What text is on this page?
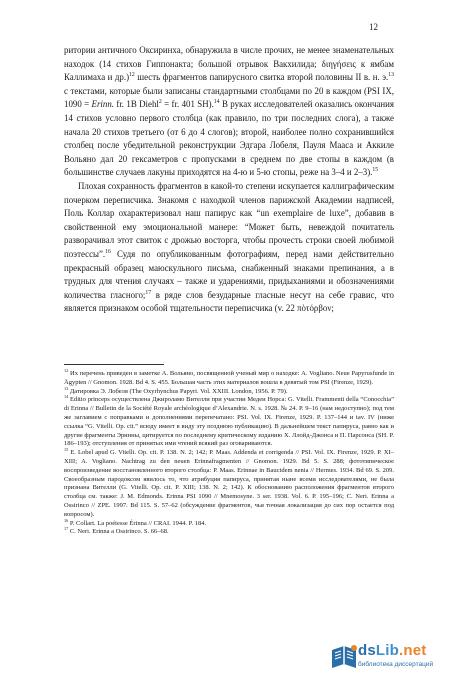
12

ритории античного Оксиринха, обнаружила в числе прочих, не менее знаменательных находок (14 стихов Гиппонакта; большой отрывок Вакхилида; διηγήσεις к ямбам Каллимаха и др.)$^{12}$ шесть фрагментов папирусного свитка второй половины II в. н. э.$^{13}$ с текстами, которые были записаны стандартными столбцами по 20 в каждом (PSI IX, 1090 = Erinn. fr. 1B Diehl$^2$ = fr. 401 SH).$^{14}$ В руках исследователей оказались окончания 14 стихов условно первого столбца (как правило, по три последних слога), а также начала 20 стихов третьего (от 6 до 4 слогов); второй, наиболее полно сохранившийся столбец после убедительной реконструкции Эдгара Лобеля, Пауля Мааса и Аккиле Вольяно дал 20 гексаметров с пропусками в среднем по две стопы в каждом (в большинстве случаев лакуны приходятся на 4-ю и 5-ю стопы, реже на 3–4 и 2–3).$^{15}$

Плохая сохранность фрагментов в какой-то степени искупается каллиграфическим почерком переписчика. Знакомя с находкой членов парижской Академии надписей, Поль Коллар охарактеризовал наш папирус как “un exemplaire de luxe”, добавив в свойственной ему эмоциональной манере: “Может быть, невеждой почитатель разворачивал этот свиток с дрожью восторга, чтобы прочесть строки своей любимой поэтессы”.$^{16}$ Судя по опубликованным фотографиям, перед нами действительно прекрасный образец маюскульного письма, снабженный знаками препинания, а в трудных для чтения случаях – также и ударениями, придыханиями и обозначениями количества гласного;$^{17}$ в ряде слов безударные гласные несут на себе гравис, что является признаком особой тщательности переписчика (v. 22 πὸτόρβον;

$^{12}$ Их перечень приведен в заметке А. Вольяно, посвященной ученый мир о находке: A. Vogliano. Neue Papyrusfunde in Ägypten // Gnomon. 1928. Bd 4. S. 455. Большая часть этих материалов вошла в девятый том PSI (Firenze, 1929).

$^{13}$ Датировка Э. Лобеля (The Oxyrhynchus Papyri. Vol. XXIII. London, 1956. P. 79).

$^{14}$ Editio princeps осуществлена Джироламо Вителли при участии Медеи Норса: G. Vitelli. Frammenti della “Conocchia” di Erinna // Bulletin de la Société Royale archéologique d’Alexandrie. N. s. 1928. № 24. P. 9–16 (нам недоступно); под тем же заглавием с поправками и дополнениями перепечатано: PSI. Vol. IX. Firenze, 1929. P. 137–144 и tav. IV (ниже ссылка “G. Vitelli. Op. cit.” всюду имеет в виду эту позднюю публикацию). В дальнейшем текст папируса, равно как и другие фрагменты Эринны, цитируется по последнему критическому изданию Х. Ллойд-Джонса и П. Парсонса (SH. P. 186–193); отступления от принятых ими чтений всякий раз оговариваются.

$^{15}$ E. Lobel apud G. Vitelli. Op. cit. P. 138. N. 2; 142; P. Maas. Addenda et corrigenda // PSI. Vol. IX. Firenze, 1929. P. XI–XIII; A. Vogliano. Nachtrag zu den neuen Erinnafragmenten // Gnomon. 1929. Bd 5. S. 288; фототипическое воспроизведение восстановленного второго столбца: P. Maas. Erinnae in Baucidem nenia // Hermes. 1934. Bd 69. S. 209. Своеобразным пародоксом явилось то, что атрибуция папируса, принятая ныне всеми исследователями, не была признана Вителли (G. Vitelli. Op. cit. P. XIII; 138. N. 2; 142). К обоснованию расположения фрагментов второго столбца см. также: J. M. Edmonds. Erinna PSI 1090 // Mnemosyne. 3 ser. 1938. Vol. 6. P. 195–196; C. Neri. Erinna a Ossirinco // ZPE. 1997. Bd 115. S. 57–62 (обсуждение фрагментов, чья точная локализация до сих пор остается под вопросом).

$^{16}$ P. Collart. La poétesse Érinna // CRAI. 1944. P. 184.

$^{17}$ C. Neri. Erinna a Ossirinco. S. 66–68.

dsLib.net
библиотека диссертаций
